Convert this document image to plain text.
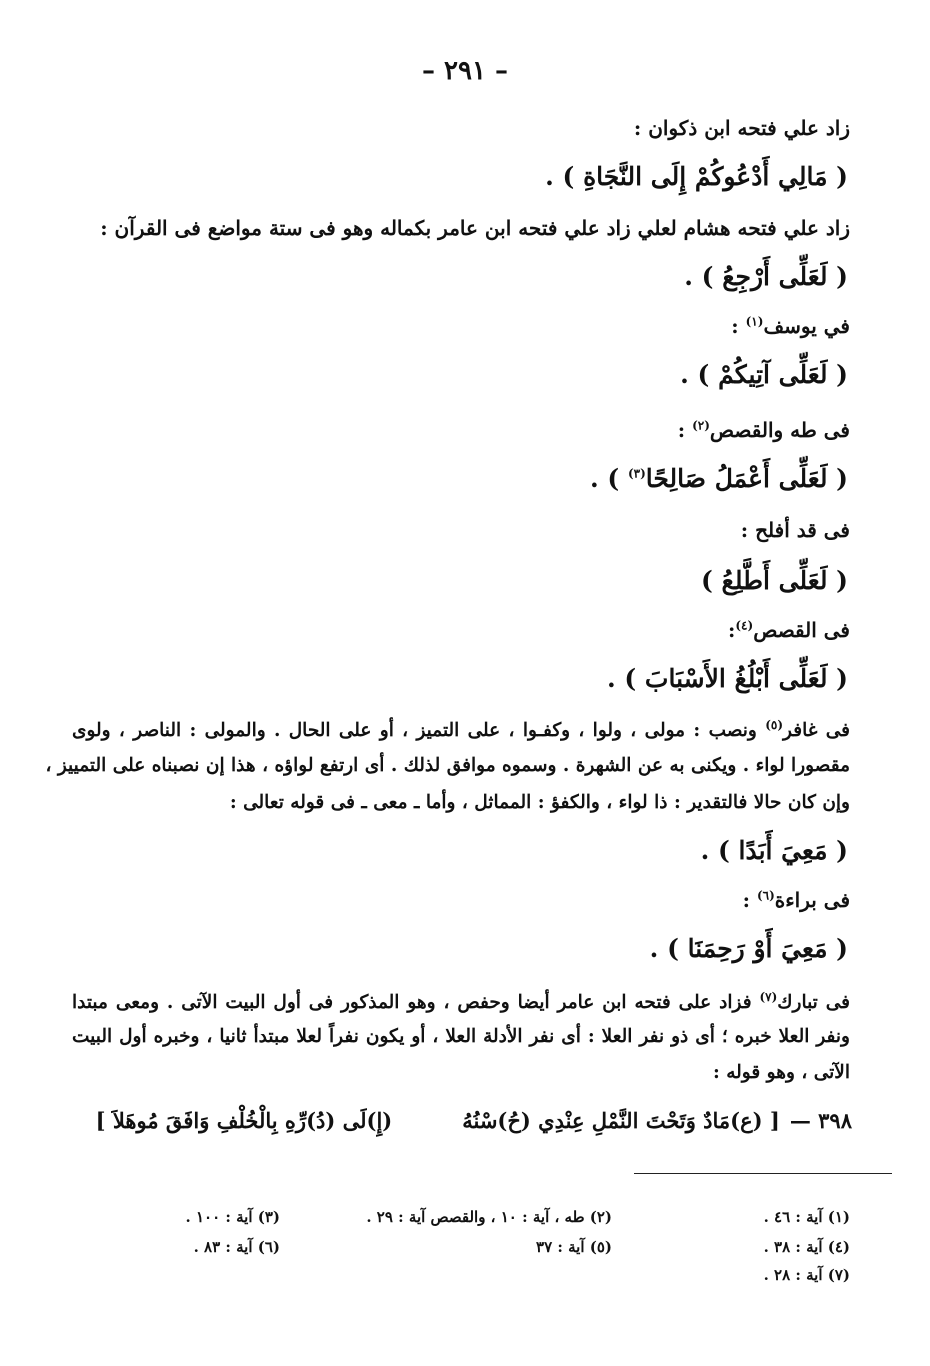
– ٢٩١ –
زاد علي فتحه ابن ذكوان :
( مَالِي أَدْعُوكُمْ إِلَى النَّجَاةِ ) .
زاد علي فتحه هشام لعلي زاد علي فتحه ابن عامر بكماله وهو فى ستة مواضع فى القرآن :
( لَعَلِّى أَرْجِعُ ) .
في يوسف$^{(١)}$ :
( لَعَلِّى آتِيكُمْ ) .
فى طه والقصص$^{(٢)}$ :
( لَعَلِّى أَعْمَلُ صَالِحًا$^{(٣)}$ ) .
فى قد أفلح :
( لَعَلِّى أَطَّلِعُ )
فى القصص$^{(٤)}$:
( لَعَلِّى أَبْلُغُ الأَسْبَابَ ) .
فى غافر$^{(٥)}$ ونصب : مولى ، ولوا ، وكفـوا ، على التميز ، أو على الحال . والمولى : الناصر ، ولوى
مقصورا لواء . ويكنى به عن الشهرة . وسموه موافق لذلك . أى ارتفع لواؤه ، هذا إن نصبناه على التمييز ،
وإن كان حالا فالتقدير : ذا لواء ، والكفؤ : المماثل ، وأما ـ معى ـ فى قوله تعالى :
( مَعِيَ أَبَدًا ) .
فى براءة$^{(٦)}$ :
( مَعِيَ أَوْ رَحِمَنَا ) .
فى تبارك$^{(٧)}$ فزاد على فتحه ابن عامر أيضا وحفص ، وهو المذكور فى أول البيت الآتى . ومعى مبتدا
ونفر العلا خبره ؛ أى ذو نفر العلا : أى نفر الأدلة العلا ، أو يكون نفراً لعلا مبتدأ ثانيا ، وخبره أول البيت
الآتى ، وهو قوله :
٣٩٨ —[ (ع)مَادٌ وَتَحْتَ النَّمْلِ عِنْدِي (حُ)سْنُهُ(إِ)لَى (دُ)رِّهِ بِالْخُلْفِ وَافَقَ مُوهَلاَ ]
(١) آية : ٤٦ .
(٢) طه ، آية : ١٠ ، والقصص آية : ٢٩ .
(٣) آية : ١٠٠ .
(٤) آية : ٣٨ .
(٥) آية : ٣٧
(٦) آية : ٨٣ .
(٧) آية : ٢٨ .
